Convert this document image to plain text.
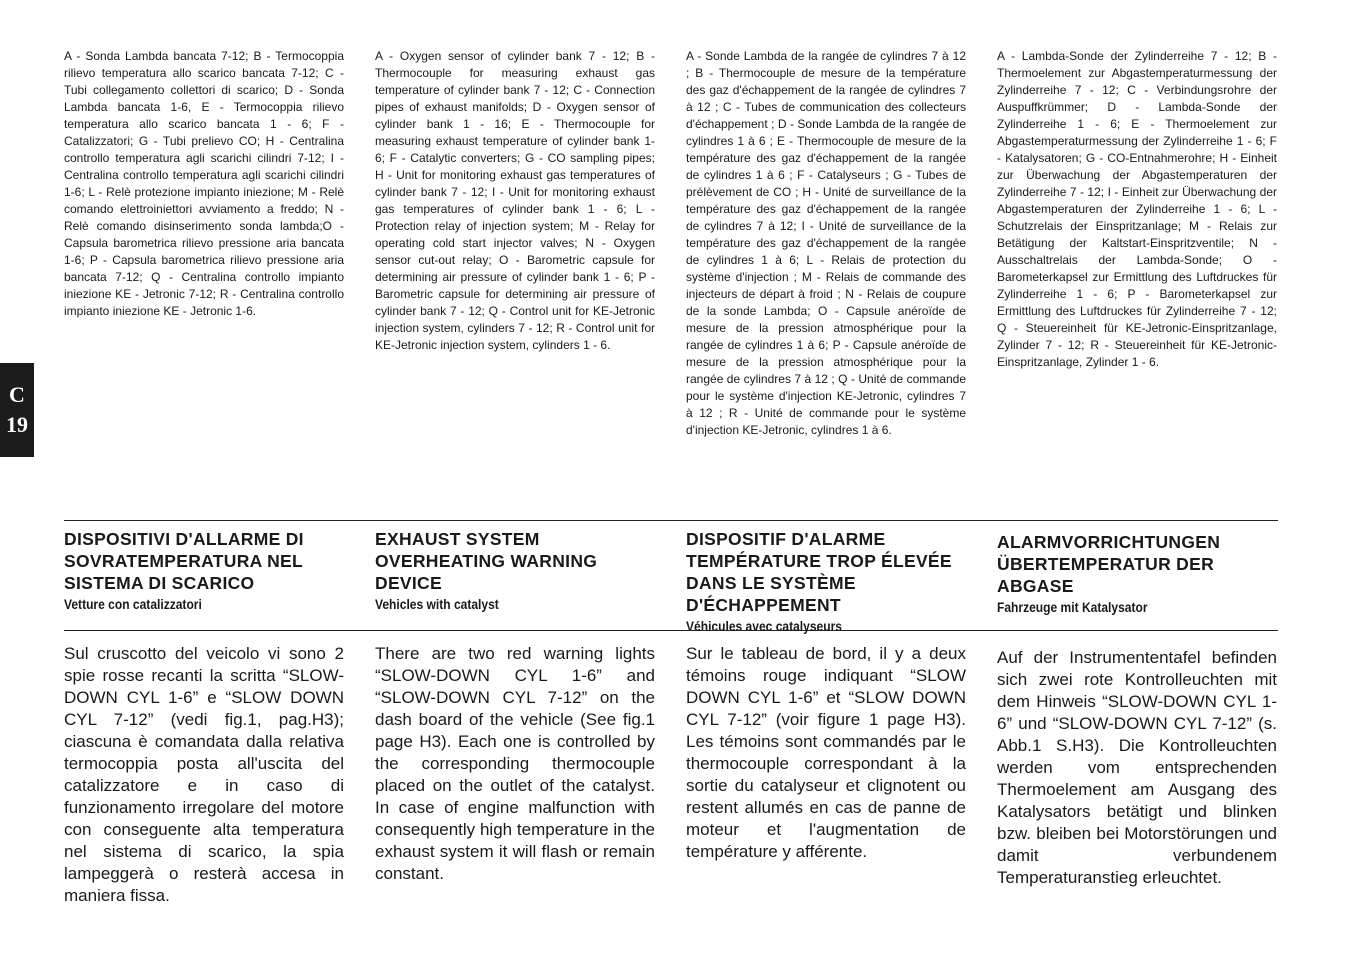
C
19
A - Sonda Lambda bancata 7-12; B - Termocoppia rilievo temperatura allo scarico bancata 7-12; C - Tubi collegamento collettori di scarico; D - Sonda Lambda bancata 1-6, E - Termocoppia rilievo temperatura allo scarico bancata 1 - 6; F - Catalizzatori; G - Tubi prelievo CO; H - Centralina controllo temperatura agli scarichi cilindri 7-12; I - Centralina controllo temperatura agli scarichi cilindri 1-6; L - Relè protezione impianto iniezione; M - Relè comando elettroiniettori avviamento a freddo; N - Relè comando disinserimento sonda lambda;O - Capsula barometrica rilievo pressione aria bancata 1-6; P - Capsula barometrica rilievo pressione aria bancata 7-12; Q - Centralina controllo impianto iniezione KE - Jetronic 7-12; R - Centralina controllo impianto iniezione KE - Jetronic 1-6.
A - Oxygen sensor of cylinder bank 7 - 12; B - Thermocouple for measuring exhaust gas temperature of cylinder bank 7 - 12; C - Connection pipes of exhaust manifolds; D - Oxygen sensor of cylinder bank 1 - 16; E - Thermocouple for measuring exhaust temperature of cylinder bank 1-6; F - Catalytic converters; G - CO sampling pipes; H - Unit for monitoring exhaust gas temperatures of cylinder bank 7 - 12; I - Unit for monitoring exhaust gas temperatures of cylinder bank 1 - 6; L - Protection relay of injection system; M - Relay for operating cold start injector valves; N - Oxygen sensor cut-out relay; O - Barometric capsule for determining air pressure of cylinder bank 1 - 6; P - Barometric capsule for determining air pressure of cylinder bank 7 - 12; Q - Control unit for KE-Jetronic injection system, cylinders 7 - 12; R - Control unit for KE-Jetronic injection system, cylinders 1 - 6.
A - Sonde Lambda de la rangée de cylindres 7 à 12 ; B - Thermocouple de mesure de la température des gaz d'échappement de la rangée de cylindres 7 à 12 ; C - Tubes de communication des collecteurs d'échappement ; D - Sonde Lambda de la rangée de cylindres 1 à 6 ; E - Thermocouple de mesure de la température des gaz d'échappement de la rangée de cylindres 1 à 6 ; F - Catalyseurs ; G - Tubes de prélèvement de CO ; H - Unité de surveillance de la température des gaz d'échappement de la rangée de cylindres 7 à 12; I - Unité de surveillance de la température des gaz d'échappement de la rangée de cylindres 1 à 6; L - Relais de protection du système d'injection ; M - Relais de commande des injecteurs de départ à froid ; N - Relais de coupure de la sonde Lambda; O - Capsule anéroïde de mesure de la pression atmosphérique pour la rangée de cylindres 1 à 6; P - Capsule anéroïde de mesure de la pression atmosphérique pour la rangée de cylindres 7 à 12 ; Q - Unité de commande pour le système d'injection KE-Jetronic, cylindres 7 à 12 ; R - Unité de commande pour le système d'injection KE-Jetronic, cylindres 1 à 6.
A - Lambda-Sonde der Zylinderreihe 7 - 12; B - Thermoelement zur Abgastemperaturmessung der Zylinderreihe 7 - 12; C - Verbindungsrohre der Auspuffkrümmer; D - Lambda-Sonde der Zylinderreihe 1 - 6; E - Thermoelement zur Abgastemperaturmessung der Zylinderreihe 1 - 6; F - Katalysatoren; G - CO-Entnahmerohre; H - Einheit zur Überwachung der Abgastemperaturen der Zylinderreihe 7 - 12; I - Einheit zur Überwachung der Abgastemperaturen der Zylinderreihe 1 - 6; L - Schutzrelais der Einspritzanlage; M - Relais zur Betätigung der Kaltstart-Einspritzventile; N - Ausschaltrelais der Lambda-Sonde; O - Barometerkapsel zur Ermittlung des Luftdruckes für Zylinderreihe 1 - 6; P - Barometerkapsel zur Ermittlung des Luftdruckes für Zylinderreihe 7 - 12; Q - Steuereinheit für KE-Jetronic-Einspritzanlage, Zylinder 7 - 12; R - Steuereinheit für KE-Jetronic-Einspritzanlage, Zylinder 1 - 6.
DISPOSITIVI D'ALLARME DI SOVRATEMPERATURA NEL SISTEMA DI SCARICO
Vetture con catalizzatori
EXHAUST SYSTEM OVERHEATING WARNING DEVICE
Vehicles with catalyst
DISPOSITIF D'ALARME TEMPÉRATURE TROP ÉLEVÉE DANS LE SYSTÈME D'ÉCHAPPEMENT
Véhicules avec catalyseurs
ALARMVORRICHTUNGEN ÜBERTEMPERATUR DER ABGASE
Fahrzeuge mit Katalysator
Sul cruscotto del veicolo vi sono 2 spie rosse recanti la scritta “SLOW-DOWN CYL 1-6” e “SLOW DOWN CYL 7-12” (vedi fig.1, pag.H3); ciascuna è comandata dalla relativa termocoppia posta all'uscita del catalizzatore e in caso di funzionamento irregolare del motore con conseguente alta temperatura nel sistema di scarico, la spia lampeggerà o resterà accesa in maniera fissa.
There are two red warning lights “SLOW-DOWN CYL 1-6” and “SLOW-DOWN CYL 7-12” on the dash board of the vehicle (See fig.1 page H3). Each one is controlled by the corresponding thermocouple placed on the outlet of the catalyst. In case of engine malfunction with consequently high temperature in the exhaust system it will flash or remain constant.
Sur le tableau de bord, il y a deux témoins rouge indiquant “SLOW DOWN CYL 1-6” et “SLOW DOWN CYL 7-12” (voir figure 1 page H3). Les témoins sont commandés par le thermocouple correspondant à la sortie du catalyseur et clignotent ou restent allumés en cas de panne de moteur et l'augmentation de température y afférente.
Auf der Instrumententafel befinden sich zwei rote Kontrolleuchten mit dem Hinweis “SLOW-DOWN CYL 1-6” und “SLOW-DOWN CYL 7-12” (s. Abb.1 S.H3). Die Kontrolleuchten werden vom entsprechenden Thermoelement am Ausgang des Katalysators betätigt und blinken bzw. bleiben bei Motorstörungen und damit verbundenem Temperaturanstieg erleuchtet.
